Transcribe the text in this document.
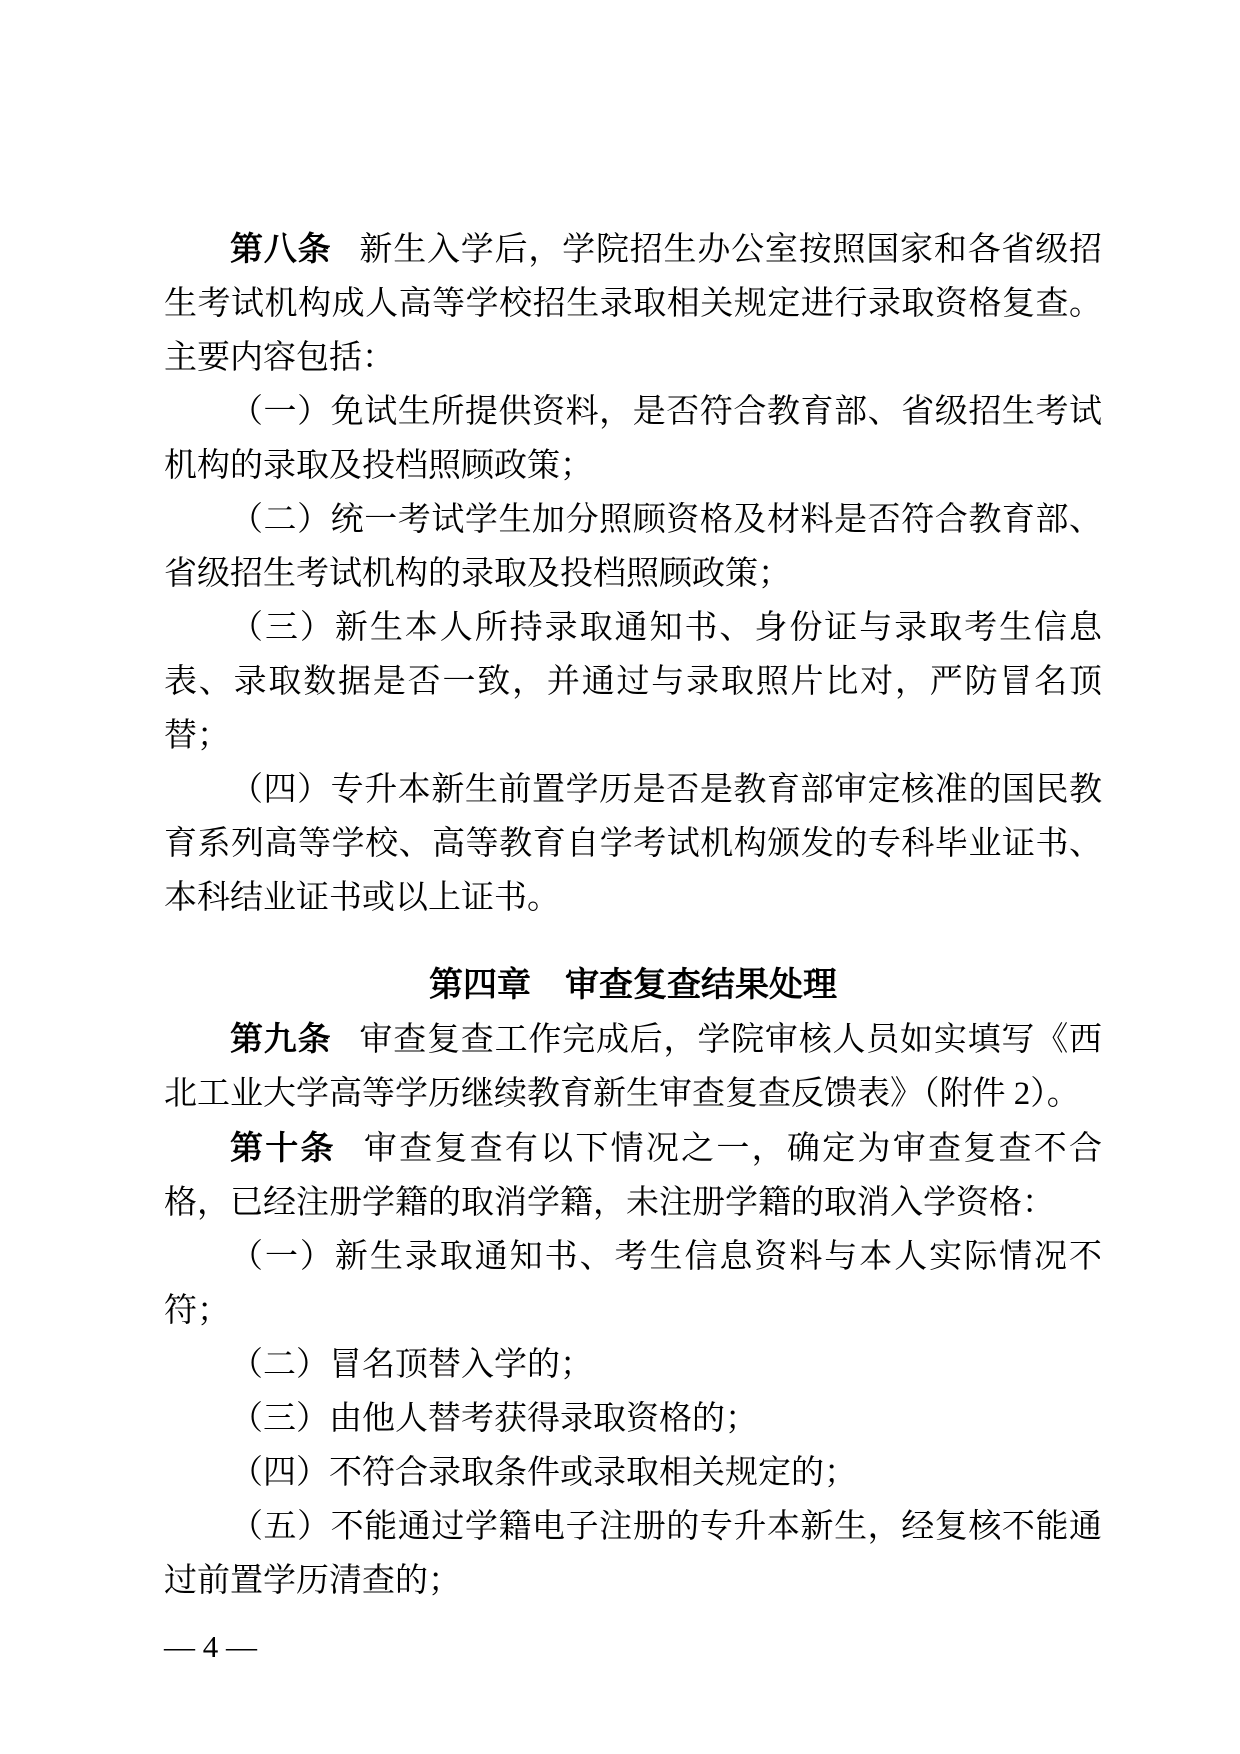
第八条 新生入学后，学院招生办公室按照国家和各省级招生考试机构成人高等学校招生录取相关规定进行录取资格复查。主要内容包括：

（一）免试生所提供资料，是否符合教育部、省级招生考试机构的录取及投档照顾政策；

（二）统一考试学生加分照顾资格及材料是否符合教育部、省级招生考试机构的录取及投档照顾政策；

（三）新生本人所持录取通知书、身份证与录取考生信息表、录取数据是否一致，并通过与录取照片比对，严防冒名顶替；

（四）专升本新生前置学历是否是教育部审定核准的国民教育系列高等学校、高等教育自学考试机构颁发的专科毕业证书、本科结业证书或以上证书。

第四章 审查复查结果处理

第九条 审查复查工作完成后，学院审核人员如实填写《西北工业大学高等学历继续教育新生审查复查反馈表》（附件 2）。

第十条 审查复查有以下情况之一，确定为审查复查不合格，已经注册学籍的取消学籍，未注册学籍的取消入学资格：

（一）新生录取通知书、考生信息资料与本人实际情况不符；

（二）冒名顶替入学的；

（三）由他人替考获得录取资格的；

（四）不符合录取条件或录取相关规定的；

（五）不能通过学籍电子注册的专升本新生，经复核不能通过前置学历清查的；

— 4 —
